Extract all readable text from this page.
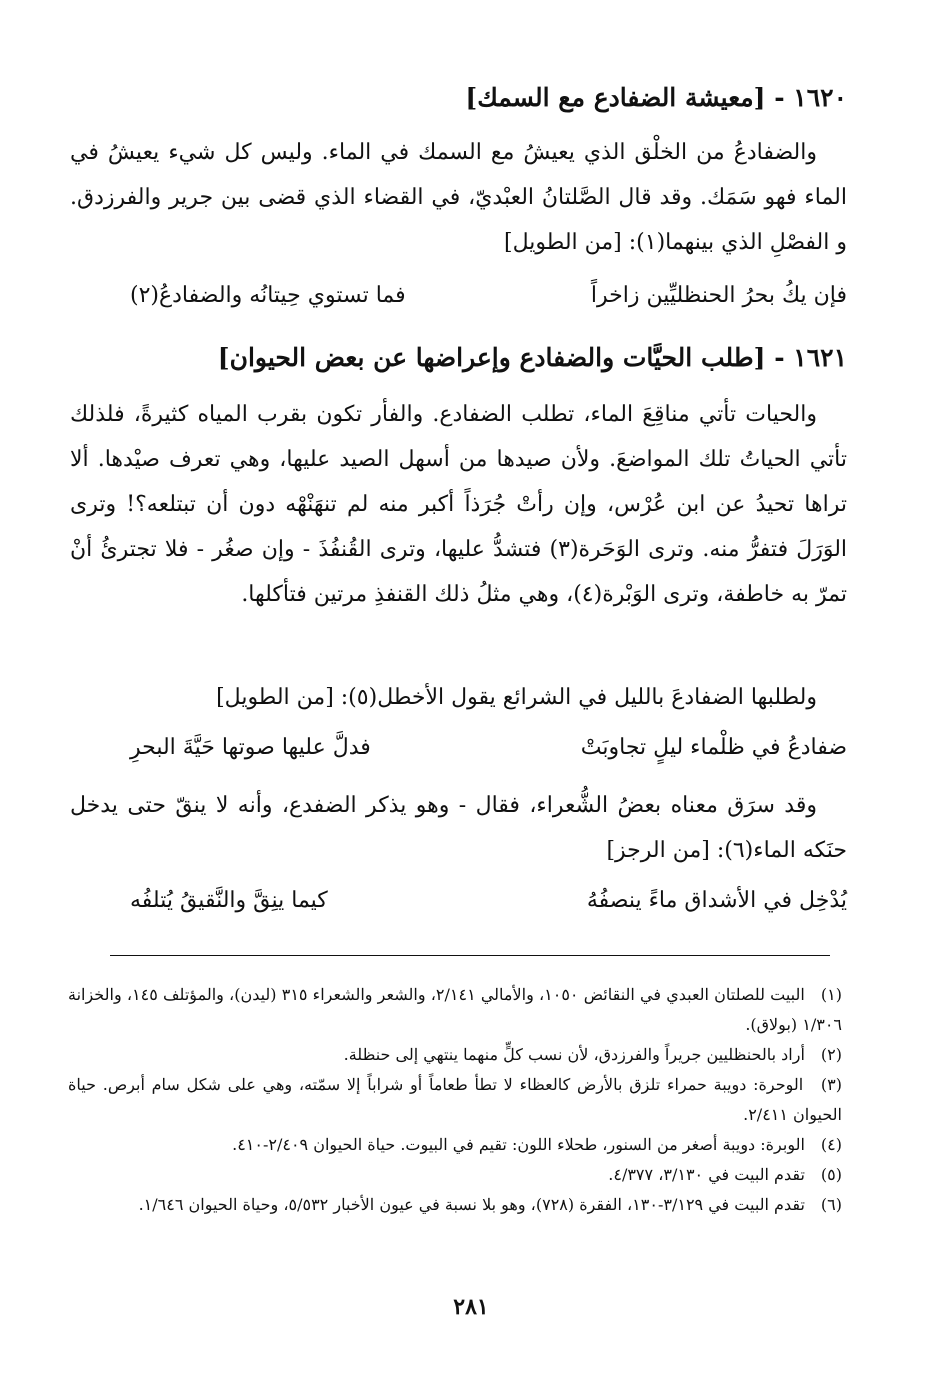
١٦٢٠ - [معيشة الضفادع مع السمك]
والضفادعُ من الخلْق الذي يعيشُ مع السمك في الماء. وليس كل شيء يعيشُ في الماء فهو سَمَك. وقد قال الصَّلتانُ العبْديّ، في القضاء الذي قضى بين جرير والفرزدق. و الفصْلِ الذي بينهما(١): [من الطويل]
فإن يكُ بحرُ الحنظليِّين زاخراً
فما تستوي حِيتانُه والضفادعُ(٢)
١٦٢١ - [طلب الحيَّات والضفادع وإعراضها عن بعض الحيوان]
والحيات تأتي مناقِعَ الماء، تطلب الضفادع. والفأر تكون بقرب المياه كثيرةً، فلذلك تأتي الحياتُ تلك المواضعَ. ولأن صيدها من أسهل الصيد عليها، وهي تعرف صيْدها. ألا تراها تحيدُ عن ابن عُرْس، وإن رأتْ جُرَذاً أكبر منه لم تنهَنْهْه دون أن تبتلعه؟! وترى الوَرَلَ فتفرُّ منه. وترى الوَحَرة(٣) فتشدُّ عليها، وترى القُنفُذَ - وإن صغُر - فلا تجترئُ أنْ تمرّ به خاطفة، وترى الوَبْرة(٤)، وهي مثلُ ذلك القنفذِ مرتين فتأكلها.
ولطلبها الضفادعَ بالليل في الشرائع يقول الأخطل(٥): [من الطويل]
ضفادعُ في ظلْماء ليلٍ تجاوبَتْ
فدلَّ عليها صوتها حَيَّةَ البحرِ
وقد سرَق معناه بعضُ الشُّعراء، فقال - وهو يذكر الضفدع، وأنه لا ينقّ حتى يدخل حنَكه الماء(٦): [من الرجز]
يُدْخِل في الأشداق ماءً ينصفُهُ
كيما ينِقَّ والنَّقيقُ يُتلفُه
(١) البيت للصلتان العبدي في النقائض ١٠٥٠، والأمالي ٢/١٤١، والشعر والشعراء ٣١٥ (ليدن)، والمؤتلف ١٤٥، والخزانة ١/٣٠٦ (بولاق).
(٢) أراد بالحنظليين جريراً والفرزدق، لأن نسب كلٍّ منهما ينتهي إلى حنظلة.
(٣) الوحرة: دويبة حمراء تلزق بالأرض كالعظاء لا تطأ طعاماً أو شراباً إلا سمّته، وهي على شكل سام أبرص. حياة الحيوان ٢/٤١١.
(٤) الوبرة: دويبة أصغر من السنور، طحلاء اللون: تقيم في البيوت. حياة الحيوان ٢/٤٠٩-٤١٠.
(٥) تقدم البيت في ٣/١٣٠، ٤/٣٧٧.
(٦) تقدم البيت في ٣/١٢٩-١٣٠، الفقرة (٧٢٨)، وهو بلا نسبة في عيون الأخبار ٥/٥٣٢، وحياة الحيوان ١/٦٤٦.
٢٨١
